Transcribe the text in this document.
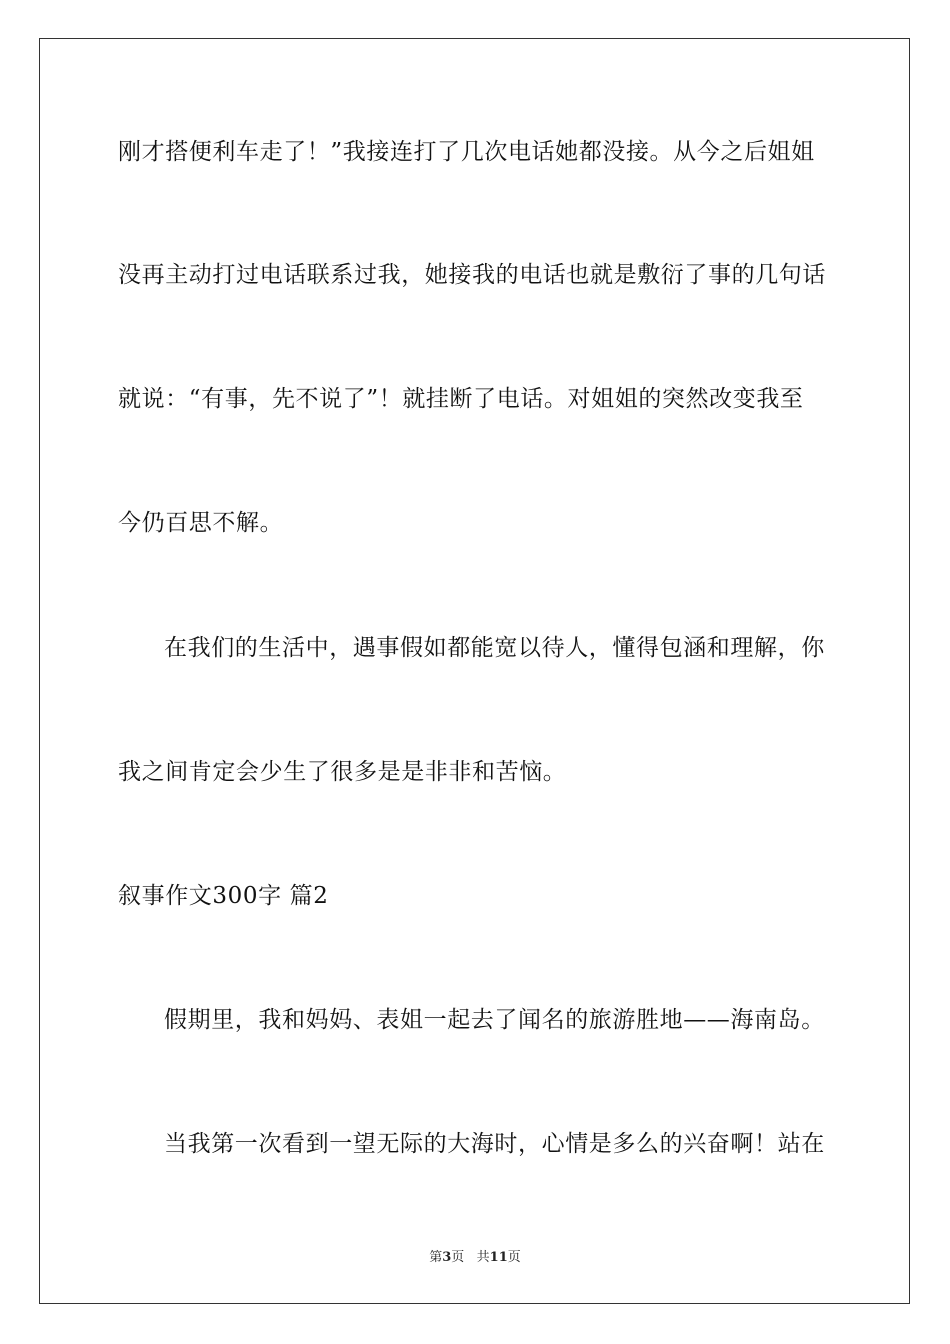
刚才搭便利车走了！”我接连打了几次电话她都没接。从今之后姐姐
没再主动打过电话联系过我，她接我的电话也就是敷衍了事的几句话
就说：“有事，先不说了”！就挂断了电话。对姐姐的突然改变我至
今仍百思不解。
在我们的生活中，遇事假如都能宽以待人，懂得包涵和理解，你
我之间肯定会少生了很多是是非非和苦恼。
叙事作文300字 篇2
假期里，我和妈妈、表姐一起去了闻名的旅游胜地——海南岛。
当我第一次看到一望无际的大海时，心情是多么的兴奋啊！站在
第3页   共11页
